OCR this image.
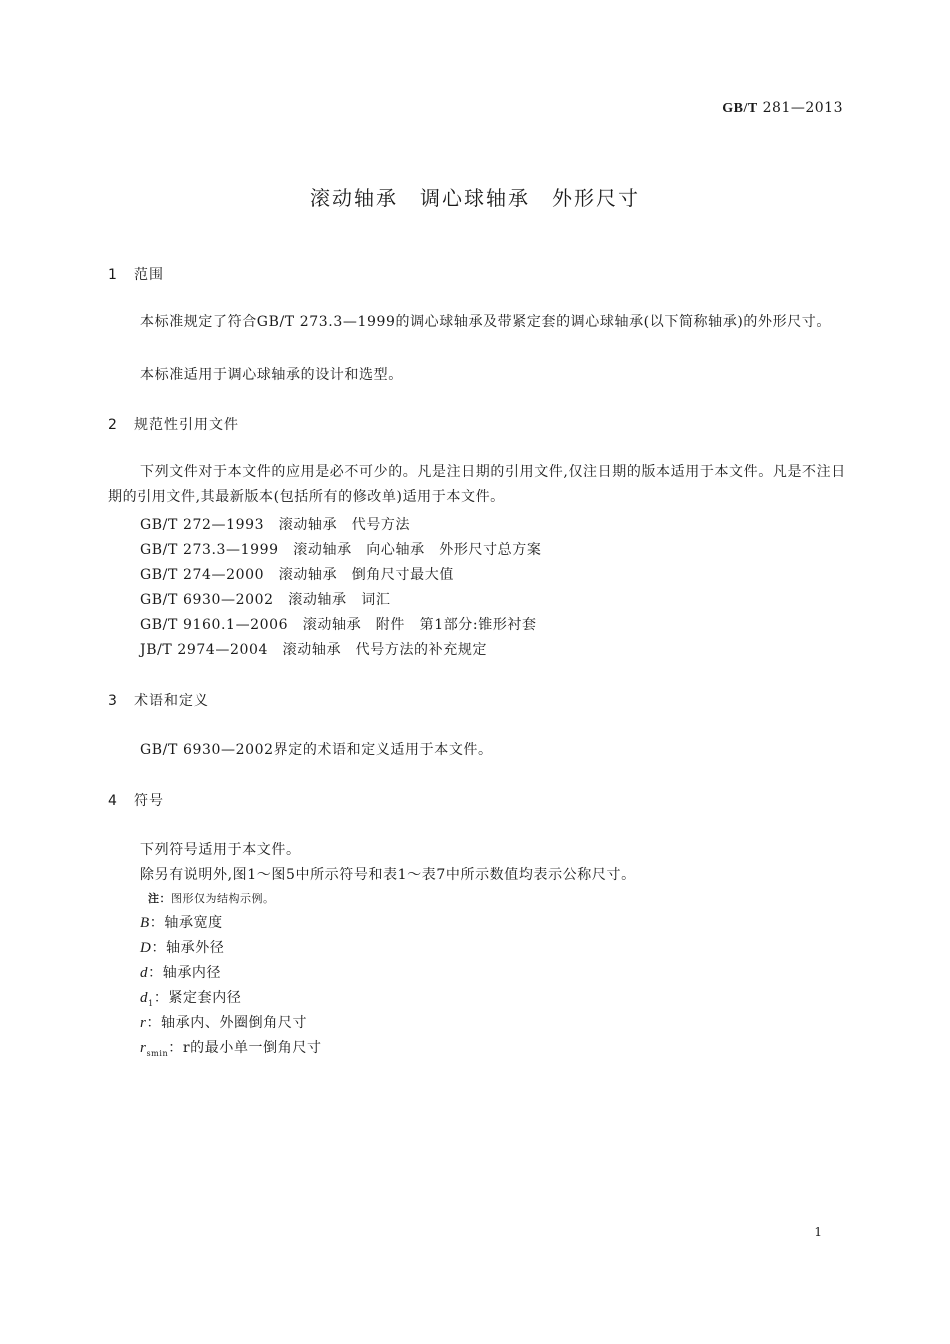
GB/T 281—2013
滚动轴承　调心球轴承　外形尺寸
1 范围
本标准规定了符合GB/T 273.3—1999的调心球轴承及带紧定套的调心球轴承(以下简称轴承)的外形尺寸。
本标准适用于调心球轴承的设计和选型。
2 规范性引用文件
下列文件对于本文件的应用是必不可少的。凡是注日期的引用文件,仅注日期的版本适用于本文件。凡是不注日期的引用文件,其最新版本(包括所有的修改单)适用于本文件。
GB/T 272—1993　滚动轴承　代号方法
GB/T 273.3—1999　滚动轴承　向心轴承　外形尺寸总方案
GB/T 274—2000　滚动轴承　倒角尺寸最大值
GB/T 6930—2002　滚动轴承　词汇
GB/T 9160.1—2006　滚动轴承　附件　第1部分:锥形衬套
JB/T 2974—2004　滚动轴承　代号方法的补充规定
3 术语和定义
GB/T 6930—2002界定的术语和定义适用于本文件。
4 符号
下列符号适用于本文件。
除另有说明外,图1～图5中所示符号和表1～表7中所示数值均表示公称尺寸。
注：图形仅为结构示例。
B：轴承宽度
D：轴承外径
d：轴承内径
$d_1$：紧定套内径
r：轴承内、外圈倒角尺寸
$r_{smin}$：r的最小单一倒角尺寸
1
